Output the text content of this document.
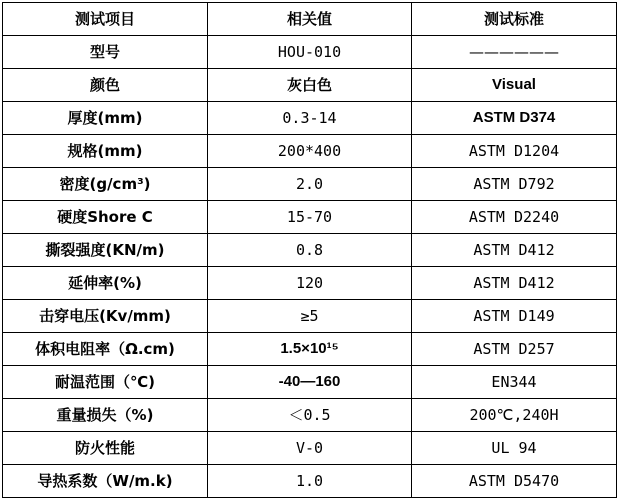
测试项目	相关值	测试标准
型号	HOU-010	——————
颜色	灰白色	Visual
厚度(mm)	0.3-14	ASTM D374
规格(mm)	200*400	ASTM D1204
密度(g/cm³)	2.0	ASTM D792
硬度Shore C	15-70	ASTM D2240
撕裂强度(KN/m)	0.8	ASTM D412
延伸率(%)	120	ASTM D412
击穿电压(Kv/mm)	≥5	ASTM D149
体积电阻率（Ω.cm)	1.5×10¹⁵	ASTM D257
耐温范围（℃)	-40—160	EN344
重量损失（%)	＜0.5	200℃,240H
防火性能	V-0	UL 94
导热系数（W/m.k)	1.0	ASTM D5470
